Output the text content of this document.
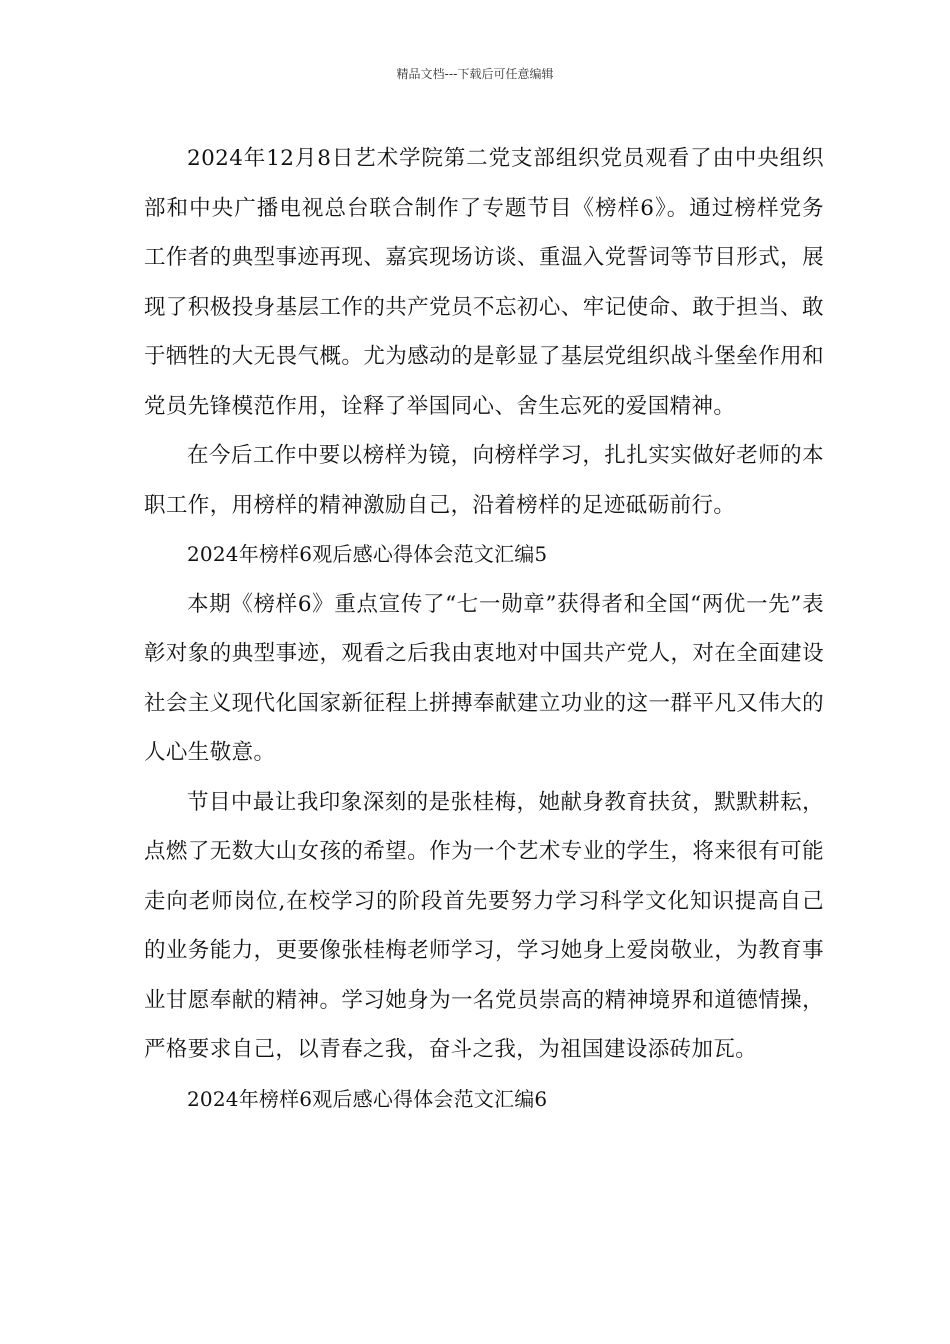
精品文档---下载后可任意编辑

2024年12月8日艺术学院第二党支部组织党员观看了由中央组织部和中央广播电视总台联合制作了专题节目《榜样6》。通过榜样党务工作者的典型事迹再现、嘉宾现场访谈、重温入党誓词等节目形式，展现了积极投身基层工作的共产党员不忘初心、牢记使命、敢于担当、敢于牺牲的大无畏气概。尤为感动的是彰显了基层党组织战斗堡垒作用和党员先锋模范作用，诠释了举国同心、舍生忘死的爱国精神。

在今后工作中要以榜样为镜，向榜样学习，扎扎实实做好老师的本职工作，用榜样的精神激励自己，沿着榜样的足迹砥砺前行。

2024年榜样6观后感心得体会范文汇编5

本期《榜样6》重点宣传了“七一勋章”获得者和全国“两优一先”表彰对象的典型事迹，观看之后我由衷地对中国共产党人，对在全面建设社会主义现代化国家新征程上拼搏奉献建立功业的这一群平凡又伟大的人心生敬意。

节目中最让我印象深刻的是张桂梅，她献身教育扶贫，默默耕耘，点燃了无数大山女孩的希望。作为一个艺术专业的学生，将来很有可能走向老师岗位,在校学习的阶段首先要努力学习科学文化知识提高自己的业务能力，更要像张桂梅老师学习，学习她身上爱岗敬业，为教育事业甘愿奉献的精神。学习她身为一名党员崇高的精神境界和道德情操，严格要求自己，以青春之我，奋斗之我，为祖国建设添砖加瓦。

2024年榜样6观后感心得体会范文汇编6
